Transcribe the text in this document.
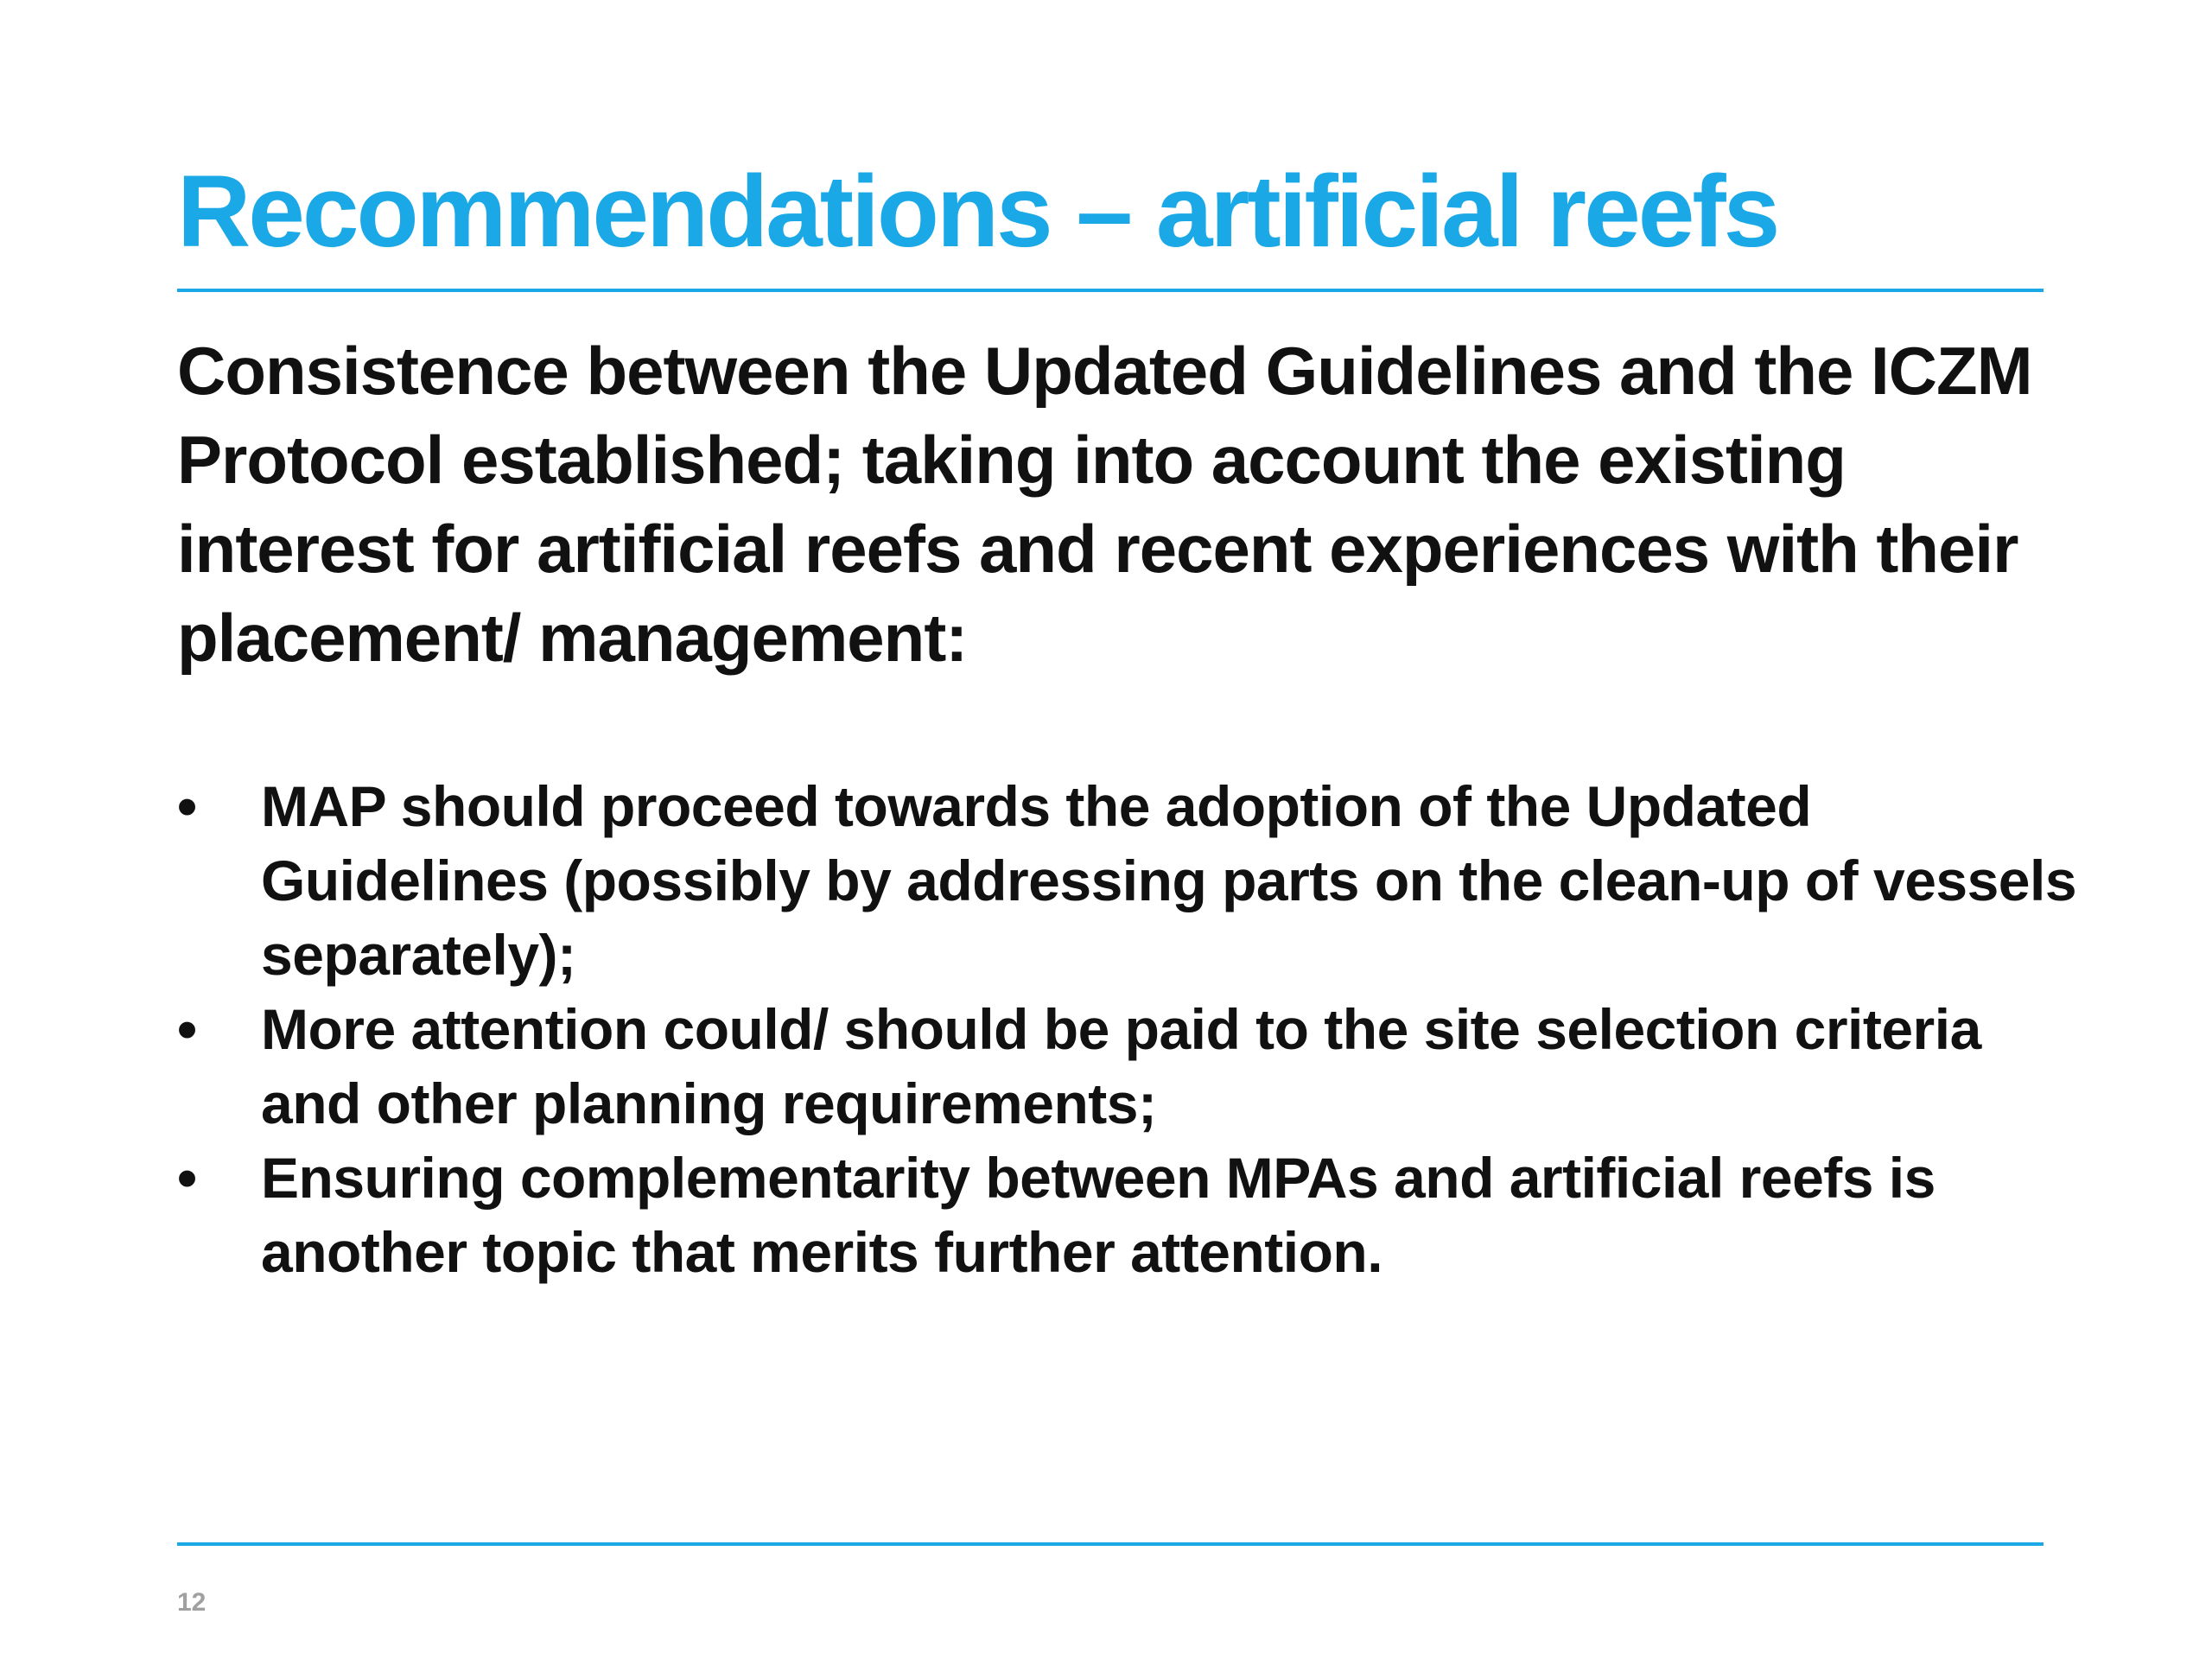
Recommendations – artificial reefs
Consistence between the Updated Guidelines and the ICZM Protocol established; taking into account the existing interest for artificial reefs and recent experiences with their placement/ management:
• MAP should proceed towards the adoption of the Updated Guidelines (possibly by addressing parts on the clean-up of vessels separately);
• More attention could/ should be paid to the site selection criteria and other planning requirements;
• Ensuring complementarity between MPAs and artificial reefs is another topic that merits further attention.
12
